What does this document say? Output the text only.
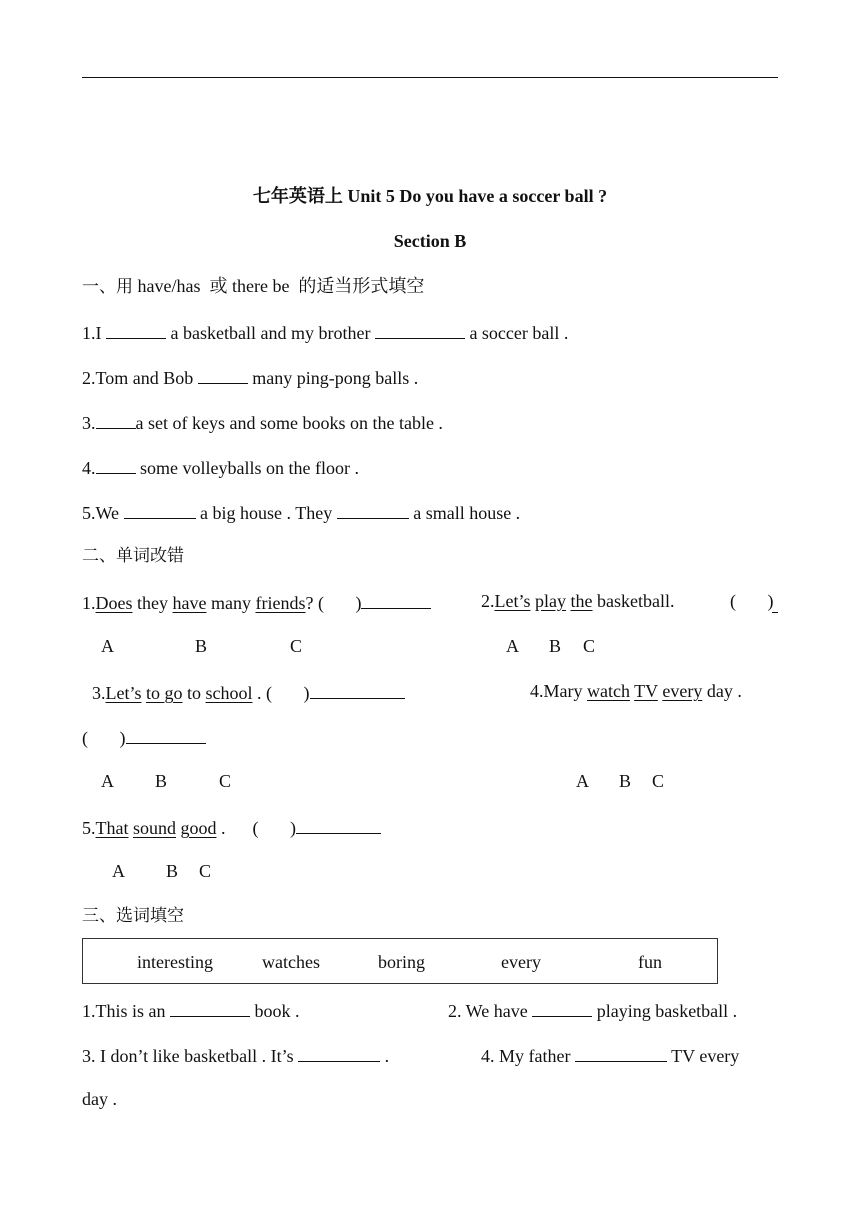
七年英语上 Unit 5 Do you have a soccer ball ?
Section B
一、用 have/has  或 there be  的适当形式填空
1.I	a basketball and my brother	a soccer ball .
2.Tom and Bob	many ping-pong balls .
3. a set of keys and some books on the table .
4. some volleyballs on the floor .
5.We	a big house . They	a small house .
二、单词改错
1.Does they have many friends? (       )	2.Let’s play the basketball.	(       )
A	B	C	A B C
3.Let’s to go to school . (       )	4.Mary watch TV every day .
(       )
A B	C	A B C
5.That sound good .      (       )
A B C
三、选词填空
interesting	watches	boring	every	fun
1.This is an	book .	2. We have	playing basketball .
3. I don’t like basketball . It’s	.	4. My father	TV every
day .
